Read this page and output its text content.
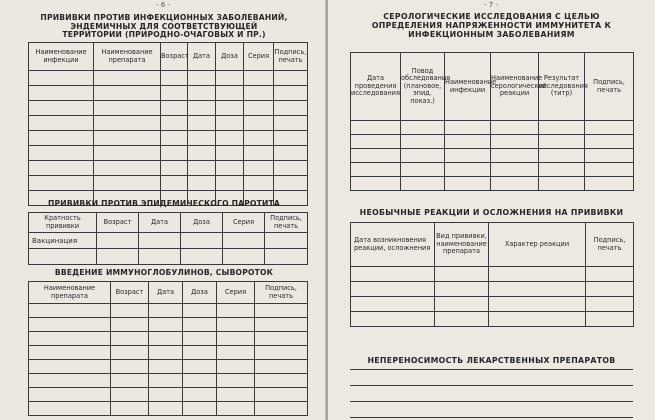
- 6 -
ПРИВИВКИ ПРОТИВ ИНФЕКЦИОННЫХ ЗАБОЛЕВАНИЙ, ЭНДЕМИЧНЫХ ДЛЯ СООТВЕТСТВУЮЩЕЙ ТЕРРИТОРИИ (ПРИРОДНО-ОЧАГОВЫХ И ПР.)
Наименование инфекции	Наименование препарата	Возраст	Дата	Доза	Серия	Подпись, печать

ПРИВИВКИ ПРОТИВ ЭПИДЕМИЧЕСКОГО ПАРОТИТА
Кратность прививки	Возраст	Дата	Доза	Серия	Подпись, печать
Вакцинация					

ВВЕДЕНИЕ ИММУНОГЛОБУЛИНОВ, СЫВОРОТОК
Наименование препарата	Возраст	Дата	Доза	Серия	Подпись, печать

- 7 -
СЕРОЛОГИЧЕСКИЕ ИССЛЕДОВАНИЯ С ЦЕЛЬЮ ОПРЕДЕЛЕНИЯ НАПРЯЖЕННОСТИ ИММУНИТЕТА К ИНФЕКЦИОННЫМ ЗАБОЛЕВАНИЯМ
Дата проведения исследования	Повод обследования (плановое, эпид. показ.)	Наименование инфекции	Наименование серологической реакции	Результат исследования (титр)	Подпись, печать

НЕОБЫЧНЫЕ РЕАКЦИИ И ОСЛОЖНЕНИЯ НА ПРИВИВКИ
Дата возникновения реакции, осложнения	Вид прививки, наименование препарата	Характер реакции	Подпись, печать

НЕПЕРЕНОСИМОСТЬ ЛЕКАРСТВЕННЫХ ПРЕПАРАТОВ
